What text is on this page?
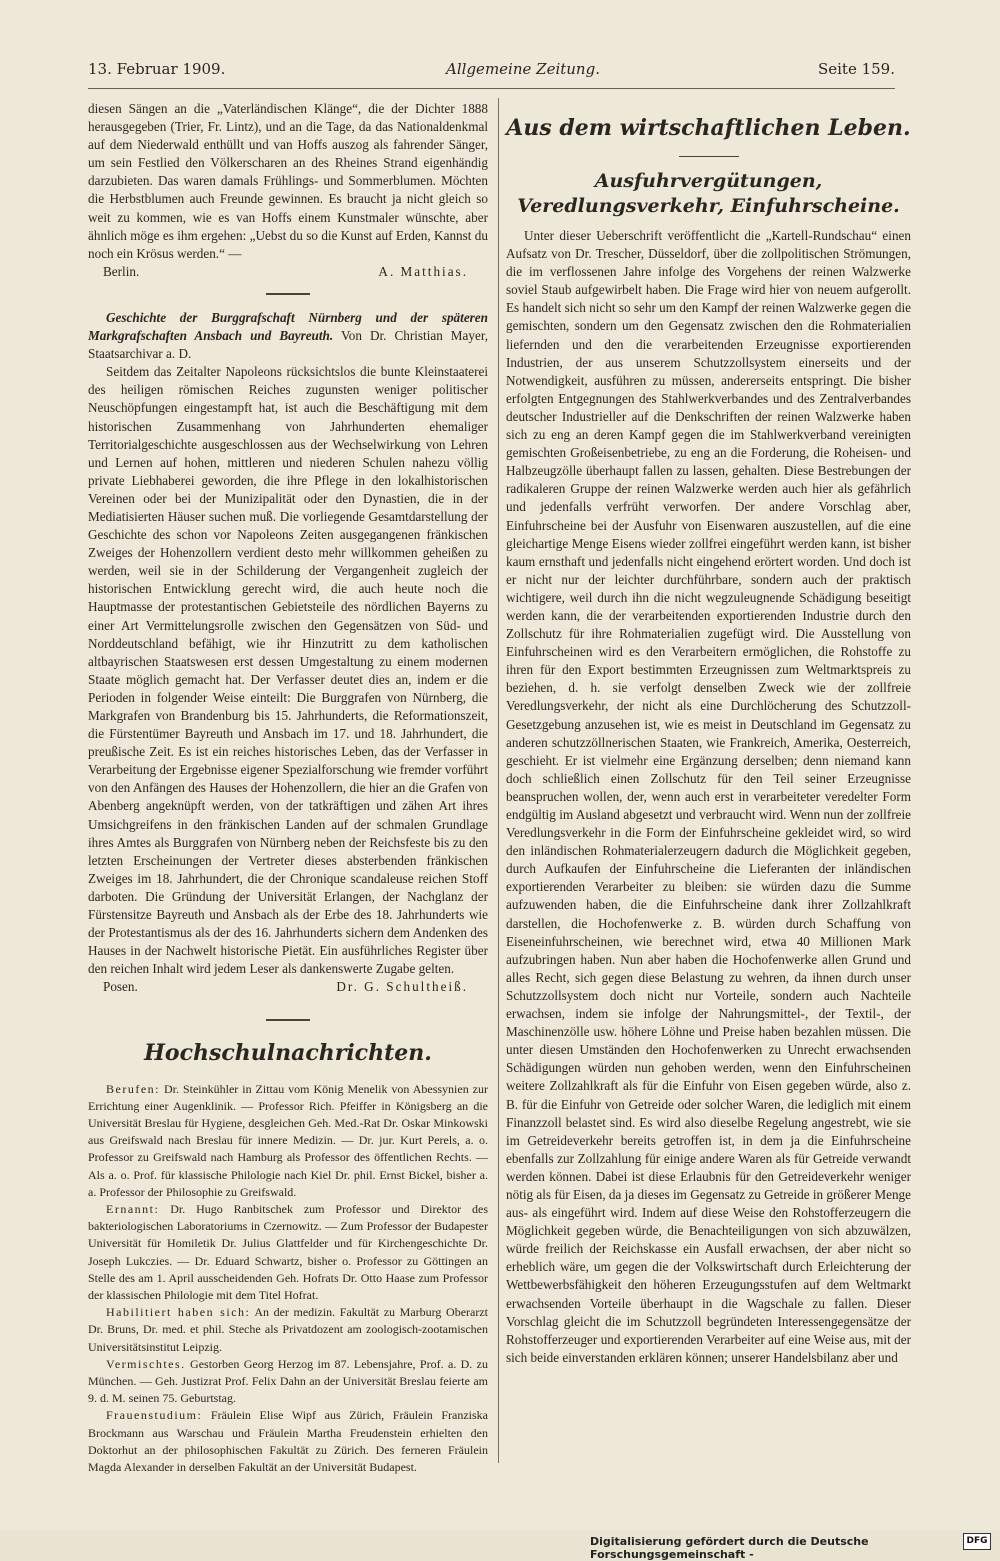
13. Februar 1909.	Allgemeine Zeitung.	Seite 159.

diesen Sängen an die „Vaterländischen Klänge“, die der Dichter 1888 herausgegeben (Trier, Fr. Lintz), und an die Tage, da das Nationaldenkmal auf dem Niederwald enthüllt und van Hoffs auszog als fahrender Sänger, um sein Festlied den Völkerscharen an des Rheines Strand eigenhändig darzubieten. Das waren damals Frühlings- und Sommerblumen. Möchten die Herbstblumen auch Freunde gewinnen. Es braucht ja nicht gleich so weit zu kommen, wie es van Hoffs einem Kunstmaler wünschte, aber ähnlich möge es ihm ergehen: „Uebst du so die Kunst auf Erden, Kannst du noch ein Krösus werden.“ —

Berlin.	A. Matthias.

Geschichte der Burggrafschaft Nürnberg und der späteren Markgrafschaften Ansbach und Bayreuth. Von Dr. Christian Mayer, Staatsarchivar a. D.

Seitdem das Zeitalter Napoleons rücksichtslos die bunte Kleinstaaterei des heiligen römischen Reiches zugunsten weniger politischer Neuschöpfungen eingestampft hat, ist auch die Beschäftigung mit dem historischen Zusammenhang von Jahrhunderten ehemaliger Territorialgeschichte ausgeschlossen aus der Wechselwirkung von Lehren und Lernen auf hohen, mittleren und niederen Schulen nahezu völlig private Liebhaberei geworden, die ihre Pflege in den lokalhistorischen Vereinen oder bei der Munizipalität oder den Dynastien, die in der Mediatisierten Häuser suchen muß. Die vorliegende Gesamtdarstellung der Geschichte des schon vor Napoleons Zeiten ausgegangenen fränkischen Zweiges der Hohenzollern verdient desto mehr willkommen geheißen zu werden, weil sie in der Schilderung der Vergangenheit zugleich der historischen Entwicklung gerecht wird, die auch heute noch die Hauptmasse der protestantischen Gebietsteile des nördlichen Bayerns zu einer Art Vermittelungsrolle zwischen den Gegensätzen von Süd- und Norddeutschland befähigt, wie ihr Hinzutritt zu dem katholischen altbayrischen Staatswesen erst dessen Umgestaltung zu einem modernen Staate möglich gemacht hat. Der Verfasser deutet dies an, indem er die Perioden in folgender Weise einteilt: Die Burggrafen von Nürnberg, die Markgrafen von Brandenburg bis 15. Jahrhunderts, die Reformationszeit, die Fürstentümer Bayreuth und Ansbach im 17. und 18. Jahrhundert, die preußische Zeit. Es ist ein reiches historisches Leben, das der Verfasser in Verarbeitung der Ergebnisse eigener Spezialforschung wie fremder vorführt von den Anfängen des Hauses der Hohenzollern, die hier an die Grafen von Abenberg angeknüpft werden, von der tatkräftigen und zähen Art ihres Umsichgreifens in den fränkischen Landen auf der schmalen Grundlage ihres Amtes als Burggrafen von Nürnberg neben der Reichsfeste bis zu den letzten Erscheinungen der Vertreter dieses absterbenden fränkischen Zweiges im 18. Jahrhundert, die der Chronique scandaleuse reichen Stoff darboten. Die Gründung der Universität Erlangen, der Nachglanz der Fürstensitze Bayreuth und Ansbach als der Erbe des 18. Jahrhunderts wie der Protestantismus als der des 16. Jahrhunderts sichern dem Andenken des Hauses in der Nachwelt historische Pietät. Ein ausführliches Register über den reichen Inhalt wird jedem Leser als dankenswerte Zugabe gelten.

Posen.	Dr. G. Schultheiß.
Hochschulnachrichten.

Berufen: Dr. Steinkühler in Zittau vom König Menelik von Abessynien zur Errichtung einer Augenklinik. — Professor Rich. Pfeiffer in Königsberg an die Universität Breslau für Hygiene, desgleichen Geh. Med.-Rat Dr. Oskar Minkowski aus Greifswald nach Breslau für innere Medizin. — Dr. jur. Kurt Perels, a. o. Professor zu Greifswald nach Hamburg als Professor des öffentlichen Rechts. — Als a. o. Prof. für klassische Philologie nach Kiel Dr. phil. Ernst Bickel, bisher a. a. Professor der Philosophie zu Greifswald.

Ernannt: Dr. Hugo Ranbitschek zum Professor und Direktor des bakteriologischen Laboratoriums in Czernowitz. — Zum Professor der Budapester Universität für Homiletik Dr. Julius Glattfelder und für Kirchengeschichte Dr. Joseph Lukczies. — Dr. Eduard Schwartz, bisher o. Professor zu Göttingen an Stelle des am 1. April ausscheidenden Geh. Hofrats Dr. Otto Haase zum Professor der klassischen Philologie mit dem Titel Hofrat.

Habilitiert haben sich: An der medizin. Fakultät zu Marburg Oberarzt Dr. Bruns, Dr. med. et phil. Steche als Privatdozent am zoologisch-zootamischen Universitätsinstitut Leipzig.

Vermischtes. Gestorben Georg Herzog im 87. Lebensjahre, Prof. a. D. zu München. — Geh. Justizrat Prof. Felix Dahn an der Universität Breslau feierte am 9. d. M. seinen 75. Geburtstag.

Frauenstudium: Fräulein Elise Wipf aus Zürich, Fräulein Franziska Brockmann aus Warschau und Fräulein Martha Freudenstein erhielten den Doktorhut an der philosophischen Fakultät zu Zürich. Des ferneren Fräulein Magda Alexander in derselben Fakultät an der Universität Budapest.

Aus dem wirtschaftlichen Leben.
Ausfuhrvergütungen, Veredlungsverkehr, Einfuhrscheine.

Unter dieser Ueberschrift veröffentlicht die „Kartell-Rundschau“ einen Aufsatz von Dr. Trescher, Düsseldorf, über die zollpolitischen Strömungen, die im verflossenen Jahre infolge des Vorgehens der reinen Walzwerke soviel Staub aufgewirbelt haben. Die Frage wird hier von neuem aufgerollt. Es handelt sich nicht so sehr um den Kampf der reinen Walzwerke gegen die gemischten, sondern um den Gegensatz zwischen den die Rohmaterialien liefernden und den die verarbeitenden Erzeugnisse exportierenden Industrien, der aus unserem Schutzzollsystem einerseits und der Notwendigkeit, ausführen zu müssen, andererseits entspringt. Die bisher erfolgten Entgegnungen des Stahlwerkverbandes und des Zentralverbandes deutscher Industrieller auf die Denkschriften der reinen Walzwerke haben sich zu eng an deren Kampf gegen die im Stahlwerkverband vereinigten gemischten Großeisenbetriebe, zu eng an die Forderung, die Roheisen- und Halbzeugzölle überhaupt fallen zu lassen, gehalten. Diese Bestrebungen der radikaleren Gruppe der reinen Walzwerke werden auch hier als gefährlich und jedenfalls verfrüht verworfen. Der andere Vorschlag aber, Einfuhrscheine bei der Ausfuhr von Eisenwaren auszustellen, auf die eine gleichartige Menge Eisens wieder zollfrei eingeführt werden kann, ist bisher kaum ernsthaft und jedenfalls nicht eingehend erörtert worden. Und doch ist er nicht nur der leichter durchführbare, sondern auch der praktisch wichtigere, weil durch ihn die nicht wegzuleugnende Schädigung beseitigt werden kann, die der verarbeitenden exportierenden Industrie durch den Zollschutz für ihre Rohmaterialien zugefügt wird. Die Ausstellung von Einfuhrscheinen wird es den Verarbeitern ermöglichen, die Rohstoffe zu ihren für den Export bestimmten Erzeugnissen zum Weltmarktspreis zu beziehen, d. h. sie verfolgt denselben Zweck wie der zollfreie Veredlungsverkehr, der nicht als eine Durchlöcherung des Schutzzoll-Gesetzgebung anzusehen ist, wie es meist in Deutschland im Gegensatz zu anderen schutzzöllnerischen Staaten, wie Frankreich, Amerika, Oesterreich, geschieht. Er ist vielmehr eine Ergänzung derselben; denn niemand kann doch schließlich einen Zollschutz für den Teil seiner Erzeugnisse beanspruchen wollen, der, wenn auch erst in verarbeiteter veredelter Form endgültig im Ausland abgesetzt und verbraucht wird. Wenn nun der zollfreie Veredlungsverkehr in die Form der Einfuhrscheine gekleidet wird, so wird den inländischen Rohmaterialerzeugern dadurch die Möglichkeit gegeben, durch Aufkaufen der Einfuhrscheine die Lieferanten der inländischen exportierenden Verarbeiter zu bleiben: sie würden dazu die Summe aufzuwenden haben, die die Einfuhrscheine dank ihrer Zollzahlkraft darstellen, die Hochofenwerke z. B. würden durch Schaffung von Eiseneinfuhrscheinen, wie berechnet wird, etwa 40 Millionen Mark aufzubringen haben. Nun aber haben die Hochofenwerke allen Grund und alles Recht, sich gegen diese Belastung zu wehren, da ihnen durch unser Schutzzollsystem doch nicht nur Vorteile, sondern auch Nachteile erwachsen, indem sie infolge der Nahrungsmittel-, der Textil-, der Maschinenzölle usw. höhere Löhne und Preise haben bezahlen müssen. Die unter diesen Umständen den Hochofenwerken zu Unrecht erwachsenden Schädigungen würden nun gehoben werden, wenn den Einfuhrscheinen weitere Zollzahlkraft als für die Einfuhr von Eisen gegeben würde, also z. B. für die Einfuhr von Getreide oder solcher Waren, die lediglich mit einem Finanzzoll belastet sind. Es wird also dieselbe Regelung angestrebt, wie sie im Getreideverkehr bereits getroffen ist, in dem ja die Einfuhrscheine ebenfalls zur Zollzahlung für einige andere Waren als für Getreide verwandt werden können. Dabei ist diese Erlaubnis für den Getreideverkehr weniger nötig als für Eisen, da ja dieses im Gegensatz zu Getreide in größerer Menge aus- als eingeführt wird. Indem auf diese Weise den Rohstofferzeugern die Möglichkeit gegeben würde, die Benachteiligungen von sich abzuwälzen, würde freilich der Reichskasse ein Ausfall erwachsen, der aber nicht so erheblich wäre, um gegen die der Volkswirtschaft durch Erleichterung der Wettbewerbsfähigkeit den höheren Erzeugungsstufen auf dem Weltmarkt erwachsenden Vorteile überhaupt in die Wagschale zu fallen. Dieser Vorschlag gleicht die im Schutzzoll begründeten Interessengegensätze der Rohstofferzeuger und exportierenden Verarbeiter auf eine Weise aus, mit der sich beide einverstanden erklären können; unserer Handelsbilanz aber und

Digitalisierung gefördert durch die Deutsche Forschungsgemeinschaft -
DFG
